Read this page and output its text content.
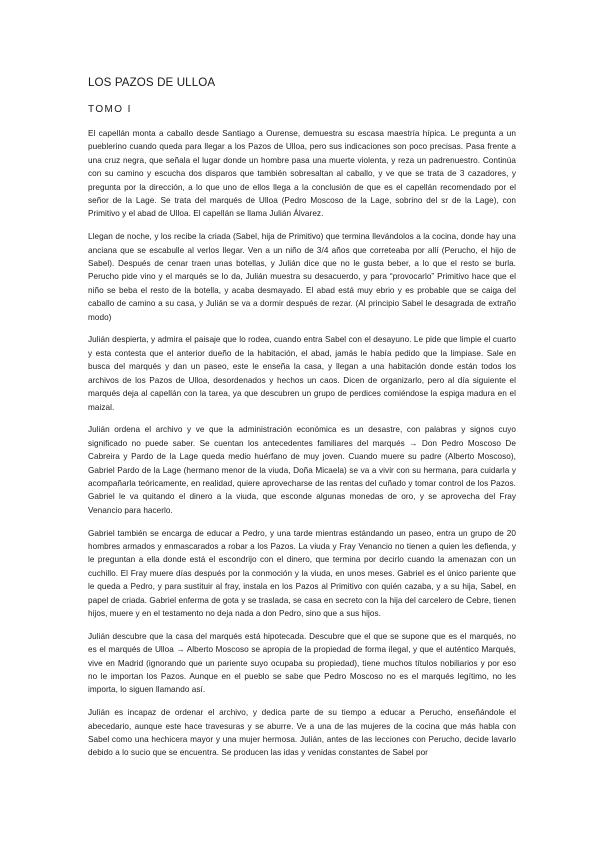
LOS PAZOS DE ULLOA
TOMO I

El capellán monta a caballo desde Santiago a Ourense, demuestra su escasa maestría hípica. Le pregunta a un pueblerino cuando queda para llegar a los Pazos de Ulloa, pero sus indicaciones son poco precisas. Pasa frente a una cruz negra, que señala el lugar donde un hombre pasa una muerte violenta, y reza un padrenuestro. Continúa con su camino y escucha dos disparos que también sobresaltan al caballo, y ve que se trata de 3 cazadores, y pregunta por la dirección, a lo que uno de ellos llega a la conclusión de que es el capellán recomendado por el señor de la Lage. Se trata del marqués de Ulloa (Pedro Moscoso de la Lage, sobrino del sr de la Lage), con Primitivo y el abad de Ulloa. El capellán se llama Julián Álvarez.

Llegan de noche, y los recibe la criada (Sabel, hija de Primitivo) que termina llevándolos a la cocina, donde hay una anciana que se escabulle al verlos llegar. Ven a un niño de 3/4 años que correteaba por allí (Perucho, el hijo de Sabel). Después de cenar traen unas botellas, y Julián dice que no le gusta beber, a lo que el resto se burla. Perucho pide vino y el marqués se lo da, Julián muestra su desacuerdo, y para “provocarlo” Primitivo hace que el niño se beba el resto de la botella, y acaba desmayado. El abad está muy ebrio y es probable que se caiga del caballo de camino a su casa, y Julián se va a dormir después de rezar. (Al principio Sabel le desagrada de extraño modo)

Julián despierta, y admira el paisaje que lo rodea, cuando entra Sabel con el desayuno. Le pide que limpie el cuarto y esta contesta que el anterior dueño de la habitación, el abad, jamás le había pedido que la limpiase. Sale en busca del marqués y dan un paseo, este le enseña la casa, y llegan a una habitación donde están todos los archivos de los Pazos de Ulloa, desordenados y hechos un caos. Dicen de organizarlo, pero al día siguiente el marqués deja al capellán con la tarea, ya que descubren un grupo de perdices comiéndose la espiga madura en el maizal.

Julián ordena el archivo y ve que la administración económica es un desastre, con palabras y signos cuyo significado no puede saber. Se cuentan los antecedentes familiares del marqués → Don Pedro Moscoso De Cabreira y Pardo de la Lage queda medio huérfano de muy joven. Cuando muere su padre (Alberto Moscoso), Gabriel Pardo de la Lage (hermano menor de la viuda, Doña Micaela) se va a vivir con su hermana, para cuidarla y acompañarla teóricamente, en realidad, quiere aprovecharse de las rentas del cuñado y tomar control de los Pazos. Gabriel le va quitando el dinero a la viuda, que esconde algunas monedas de oro, y se aprovecha del Fray Venancio para hacerlo.

Gabriel también se encarga de educar a Pedro, y una tarde mientras estándando un paseo, entra un grupo de 20 hombres armados y enmascarados a robar a los Pazos. La viuda y Fray Venancio no tienen a quien les defienda, y le preguntan a ella donde está el escondrijo con el dinero, que termina por decirlo cuando la amenazan con un cuchillo. El Fray muere días después por la conmoción y la viuda, en unos meses. Gabriel es el único pariente que le queda a Pedro, y para sustituir al fray, instala en los Pazos al Primitivo con quién cazaba, y a su hija, Sabel, en papel de criada. Gabriel enferma de gota y se traslada, se casa en secreto con la hija del carcelero de Cebre, tienen hijos, muere y en el testamento no deja nada a don Pedro, sino que a sus hijos.

Julián descubre que la casa del marqués está hipotecada. Descubre que el que se supone que es el marqués, no es el marqués de Ulloa → Alberto Moscoso se apropia de la propiedad de forma ilegal, y que el auténtico Marqués, vive en Madrid (ignorando que un pariente suyo ocupaba su propiedad), tiene muchos títulos nobiliarios y por eso no le importan los Pazos. Aunque en el pueblo se sabe que Pedro Moscoso no es el marqués legítimo, no les importa, lo siguen llamando así.

Julián es incapaz de ordenar el archivo, y dedica parte de su tiempo a educar a Perucho, enseñándole el abecedario, aunque este hace travesuras y se aburre. Ve a una de las mujeres de la cocina que más habla con Sabel como una hechicera mayor y una mujer hermosa. Julián, antes de las lecciones con Perucho, decide lavarlo debido a lo sucio que se encuentra. Se producen las idas y venidas constantes de Sabel por
